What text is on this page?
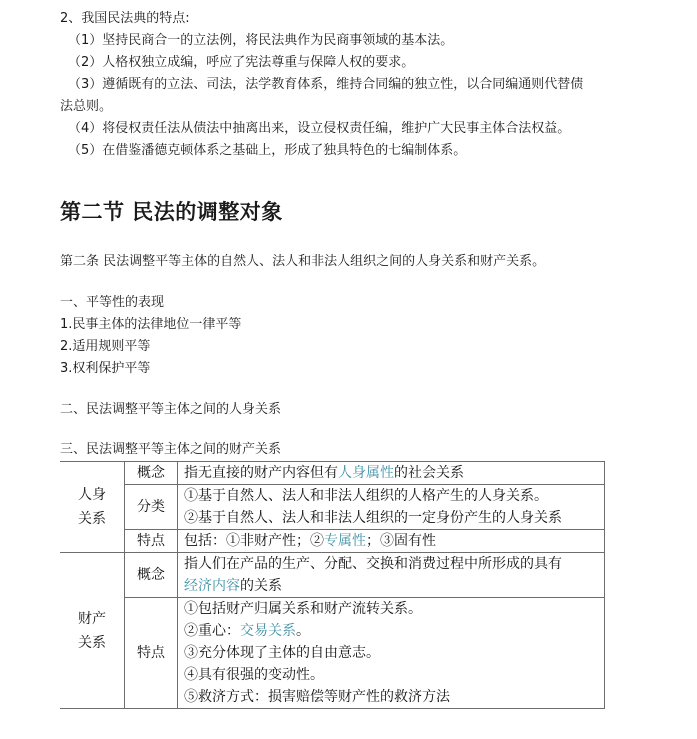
2、我国民法典的特点:

（1）坚持民商合一的立法例，将民法典作为民商事领域的基本法。

（2）人格权独立成编，呼应了宪法尊重与保障人权的要求。

（3）遵循既有的立法、司法，法学教育体系，维持合同编的独立性，以合同编通则代替债

法总则。

（4）将侵权责任法从债法中抽离出来，设立侵权责任编，维护广大民事主体合法权益。

（5）在借鉴潘德克顿体系之基础上，形成了独具特色的七编制体系。

第二节 民法的调整对象

第二条 民法调整平等主体的自然人、法人和非法人组织之间的人身关系和财产关系。

一、平等性的表现

1.民事主体的法律地位一律平等

2.适用规则平等

3.权利保护平等

二、民法调整平等主体之间的人身关系

三、民法调整平等主体之间的财产关系

人身
关系	概念	指无直接的财产内容但有人身属性的社会关系
	分类	①基于自然人、法人和非法人组织的人格产生的人身关系。
		②基于自然人、法人和非法人组织的一定身份产生的人身关系
	特点	包括：①非财产性；②专属性；③固有性
财产
关系	概念	指人们在产品的生产、分配、交换和消费过程中所形成的具有
经济内容的关系
	特点	①包括财产归属关系和财产流转关系。
②重心：交易关系。
③充分体现了主体的自由意志。
④具有很强的变动性。
⑤救济方式：损害赔偿等财产性的救济方法
